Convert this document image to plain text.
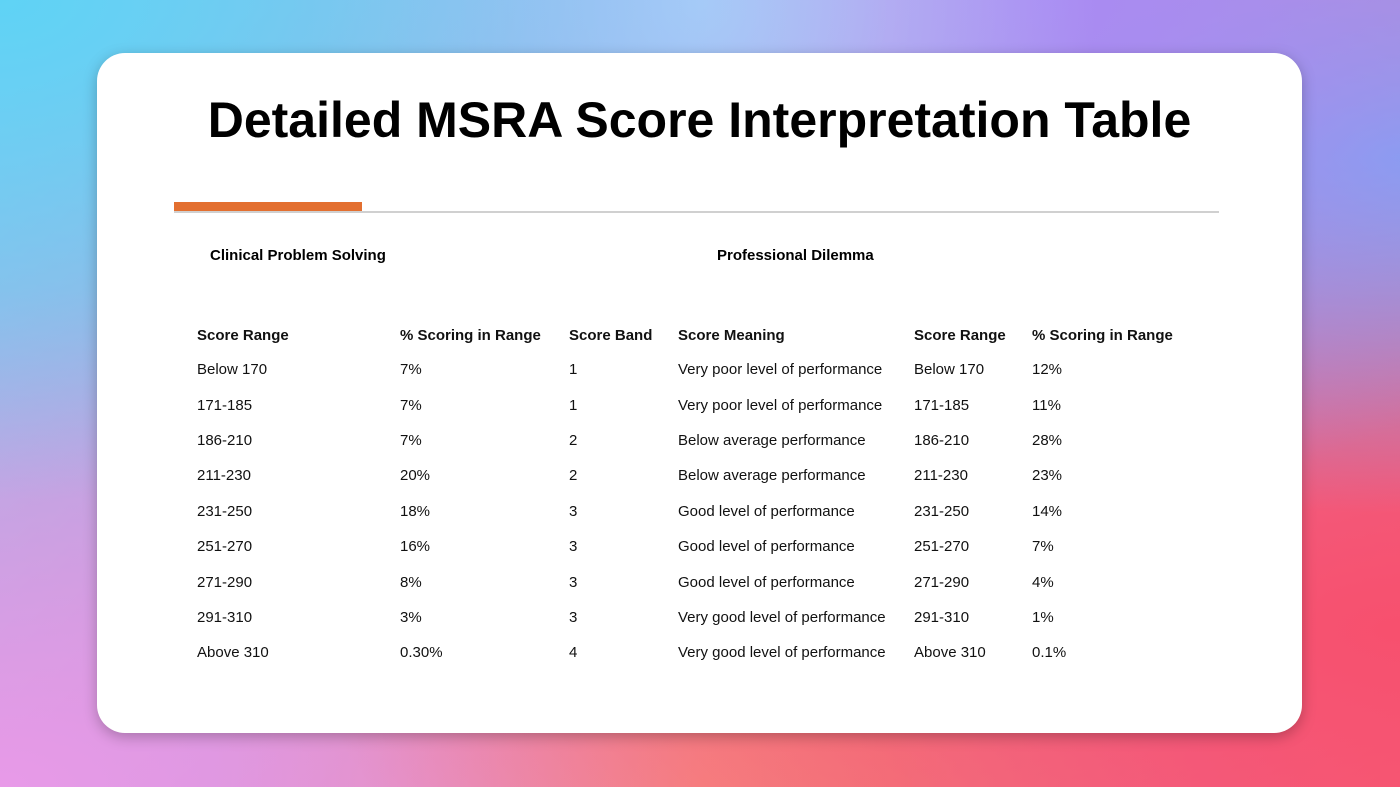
Detailed MSRA Score Interpretation Table
Clinical Problem Solving	Professional Dilemma
Score Range	% Scoring in Range	Score Band	Score Meaning	Score Range	% Scoring in Range
Below 170	7%	1	Very poor level of performance	Below 170	12%
171-185	7%	1	Very poor level of performance	171-185	11%
186-210	7%	2	Below average performance	186-210	28%
211-230	20%	2	Below average performance	211-230	23%
231-250	18%	3	Good level of performance	231-250	14%
251-270	16%	3	Good level of performance	251-270	7%
271-290	8%	3	Good level of performance	271-290	4%
291-310	3%	3	Very good level of performance	291-310	1%
Above 310	0.30%	4	Very good level of performance	Above 310	0.1%
